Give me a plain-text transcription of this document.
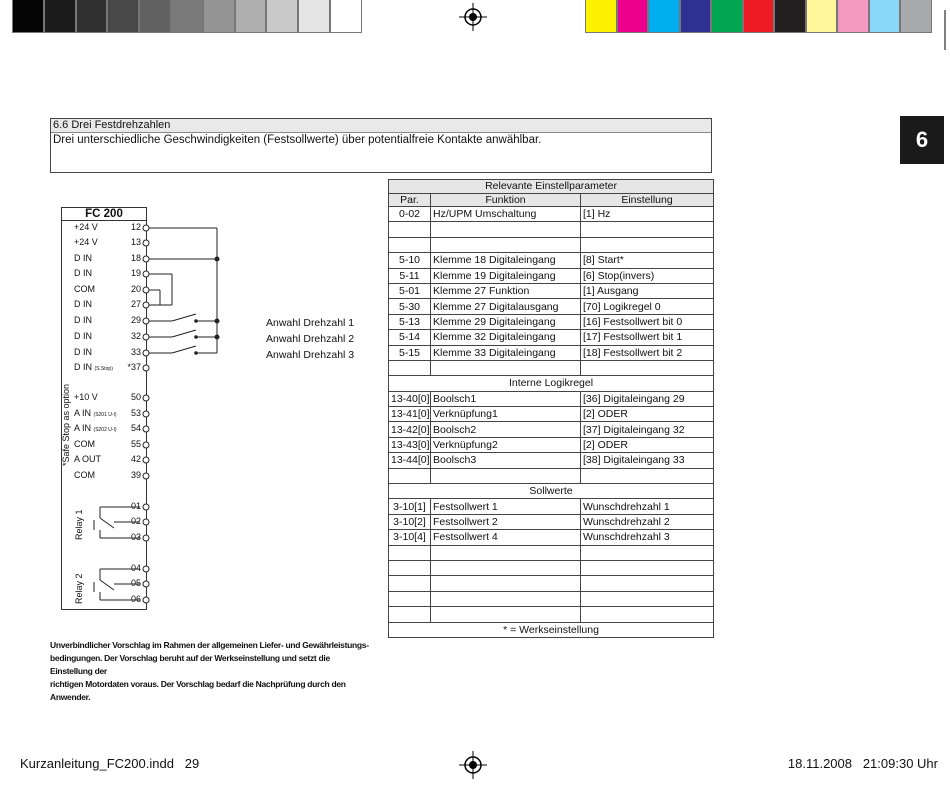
6
6.6 Drei Festdrehzahlen
Drei unterschiedliche Geschwindigkeiten (Festsollwerte) über potentialfreie Kontakte anwählbar.
FC 200
+24 V	12
+24 V	13
D IN	18
D IN	19
COM	20
D IN	27
D IN	29
D IN	32
D IN	33
D IN (S.Stop)	*37
+10 V	50
A IN (S201 U-I)	53
A IN (S202 U-I)	54
COM	55
A OUT	42
COM	39
01
02
03
04
05
06
*Safe Stop as option
Relay 1
Relay 2
Anwahl Drehzahl 1
Anwahl Drehzahl 2
Anwahl Drehzahl 3
Relevante Einstellparameter		
Par.	Funktion	Einstellung
0-02	Hz/UPM Umschaltung	[1] Hz

5-10	Klemme 18 Digitaleingang	[8] Start*
5-11	Klemme 19 Digitaleingang	[6] Stop(invers)
5-01	Klemme 27 Funktion	[1] Ausgang
5-30	Klemme 27 Digitalausgang	[70] Logikregel 0
5-13	Klemme 29 Digitaleingang	[16] Festsollwert bit 0
5-14	Klemme 32 Digitaleingang	[17] Festsollwert bit 1
5-15	Klemme 33 Digitaleingang	[18] Festsollwert bit 2

Interne Logikregel		
13-40[0]	Boolsch1	[36] Digitaleingang 29
13-41[0]	Verknüpfung1	[2] ODER
13-42[0]	Boolsch2	[37] Digitaleingang 32
13-43[0]	Verknüpfung2	[2] ODER
13-44[0]	Boolsch3	[38] Digitaleingang 33

Sollwerte		
3-10[1]	Festsollwert 1	Wunschdrehzahl 1
3-10[2]	Festsollwert 2	Wunschdrehzahl 2
3-10[4]	Festsollwert 4	Wunschdrehzahl 3

* = Werkseinstellung		
Unverbindlicher Vorschlag im Rahmen der allgemeinen Liefer- und Gewährleistungs-
bedingungen. Der Vorschlag beruht auf der Werkseinstellung und setzt die Einstellung der
richtigen Motordaten voraus. Der Vorschlag bedarf die Nachprüfung durch den Anwender.
Kurzanleitung_FC200.indd   29	18.11.2008   21:09:30 Uhr
